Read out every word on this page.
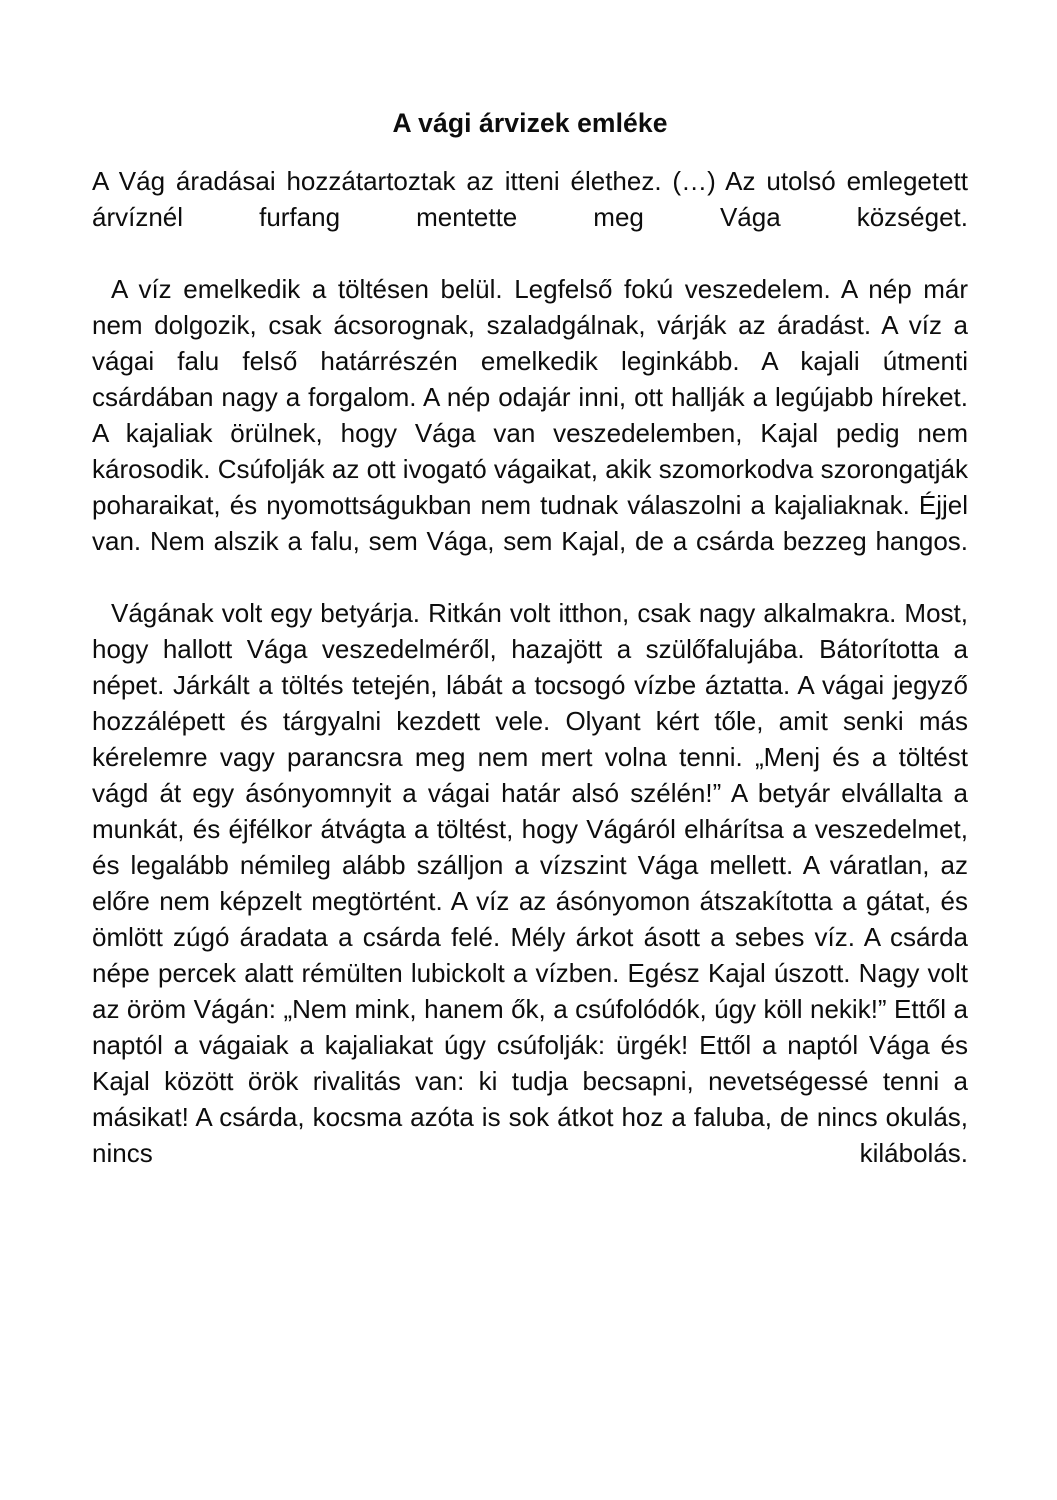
A vági árvizek emléke

A Vág áradásai hozzátartoztak az itteni élethez. (…) Az utolsó emlegetett árvíznél furfang mentette meg Vága községet.

A víz emelkedik a töltésen belül. Legfelső fokú veszedelem. A nép már nem dolgozik, csak ácsorognak, szaladgálnak, várják az áradást. A víz a vágai falu felső határrészén emelkedik leginkább. A kajali útmenti csárdában nagy a forgalom. A nép odajár inni, ott hallják a legújabb híreket. A kajaliak örülnek, hogy Vága van veszedelemben, Kajal pedig nem károsodik. Csúfolják az ott ivogató vágaikat, akik szomorkodva szorongatják poharaikat, és nyomottságukban nem tudnak válaszolni a kajaliaknak. Éjjel van. Nem alszik a falu, sem Vága, sem Kajal, de a csárda bezzeg hangos.

Vágának volt egy betyárja. Ritkán volt itthon, csak nagy alkalmakra. Most, hogy hallott Vága veszedelméről, hazajött a szülőfalujába. Bátorította a népet. Járkált a töltés tetején, lábát a tocsogó vízbe áztatta. A vágai jegyző hozzálépett és tárgyalni kezdett vele. Olyant kért tőle, amit senki más kérelemre vagy parancsra meg nem mert volna tenni. „Menj és a töltést vágd át egy ásónyomnyit a vágai határ alsó szélén!” A betyár elvállalta a munkát, és éjfélkor átvágta a töltést, hogy Vágáról elhárítsa a veszedelmet, és legalább némileg alább szálljon a vízszint Vága mellett. A váratlan, az előre nem képzelt megtörtént. A víz az ásónyomon átszakította a gátat, és ömlött zúgó áradata a csárda felé. Mély árkot ásott a sebes víz. A csárda népe percek alatt rémülten lubickolt a vízben. Egész Kajal úszott. Nagy volt az öröm Vágán: „Nem mink, hanem ők, a csúfolódók, úgy köll nekik!” Ettől a naptól a vágaiak a kajaliakat úgy csúfolják: ürgék! Ettől a naptól Vága és Kajal között örök rivalitás van: ki tudja becsapni, nevetségessé tenni a másikat! A csárda, kocsma azóta is sok átkot hoz a faluba, de nincs okulás, nincs kilábolás.
